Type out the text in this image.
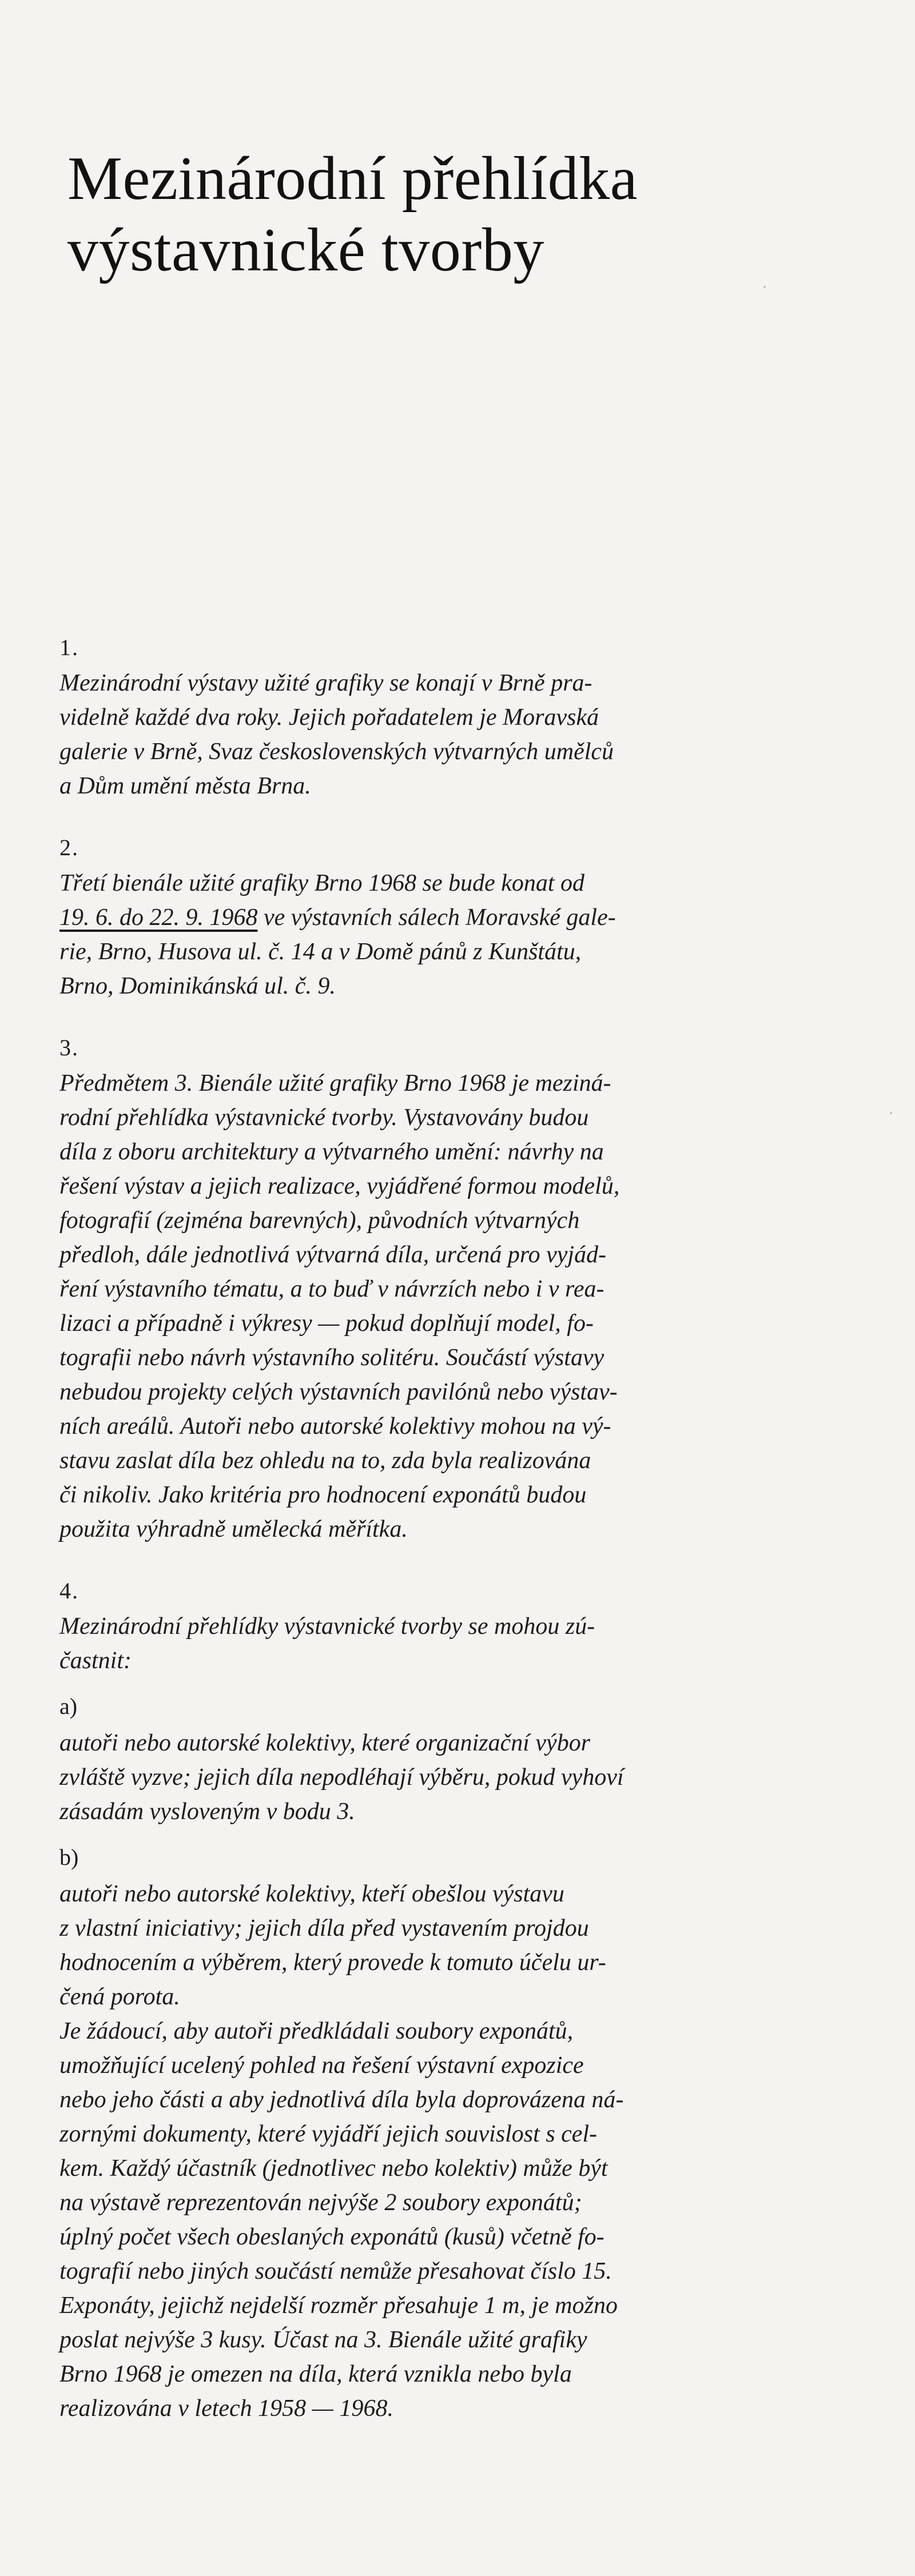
Mezinárodní přehlídka
výstavnické tvorby
1.

Mezinárodní výstavy užité grafiky se konají v Brně pra-
videlně každé dva roky. Jejich pořadatelem je Moravská
galerie v Brně, Svaz československých výtvarných umělců
a Dům umění města Brna.

2.

Třetí bienále užité grafiky Brno 1968 se bude konat od
19. 6. do 22. 9. 1968 ve výstavních sálech Moravské gale-
rie, Brno, Husova ul. č. 14 a v Domě pánů z Kunštátu,
Brno, Dominikánská ul. č. 9.

3.

Předmětem 3. Bienále užité grafiky Brno 1968 je meziná-
rodní přehlídka výstavnické tvorby. Vystavovány budou
díla z oboru architektury a výtvarného umění: návrhy na
řešení výstav a jejich realizace, vyjádřené formou modelů,
fotografií (zejména barevných), původních výtvarných
předloh, dále jednotlivá výtvarná díla, určená pro vyjád-
ření výstavního tématu, a to buď v návrzích nebo i v rea-
lizaci a případně i výkresy — pokud doplňují model, fo-
tografii nebo návrh výstavního solitéru. Součástí výstavy
nebudou projekty celých výstavních pavilónů nebo výstav-
ních areálů. Autoři nebo autorské kolektivy mohou na vý-
stavu zaslat díla bez ohledu na to, zda byla realizována
či nikoliv. Jako kritéria pro hodnocení exponátů budou
použita výhradně umělecká měřítka.

4.

Mezinárodní přehlídky výstavnické tvorby se mohou zú-
častnit:

a)

autoři nebo autorské kolektivy, které organizační výbor
zvláště vyzve; jejich díla nepodléhají výběru, pokud vyhoví
zásadám vysloveným v bodu 3.

b)

autoři nebo autorské kolektivy, kteří obešlou výstavu
z vlastní iniciativy; jejich díla před vystavením projdou
hodnocením a výběrem, který provede k tomuto účelu ur-
čená porota.
Je žádoucí, aby autoři předkládali soubory exponátů,
umožňující ucelený pohled na řešení výstavní expozice
nebo jeho části a aby jednotlivá díla byla doprovázena ná-
zornými dokumenty, které vyjádří jejich souvislost s cel-
kem. Každý účastník (jednotlivec nebo kolektiv) může být
na výstavě reprezentován nejvýše 2 soubory exponátů;
úplný počet všech obeslaných exponátů (kusů) včetně fo-
tografií nebo jiných součástí nemůže přesahovat číslo 15.
Exponáty, jejichž nejdelší rozměr přesahuje 1 m, je možno
poslat nejvýše 3 kusy. Účast na 3. Bienále užité grafiky
Brno 1968 je omezen na díla, která vznikla nebo byla
realizována v letech 1958 — 1968.
